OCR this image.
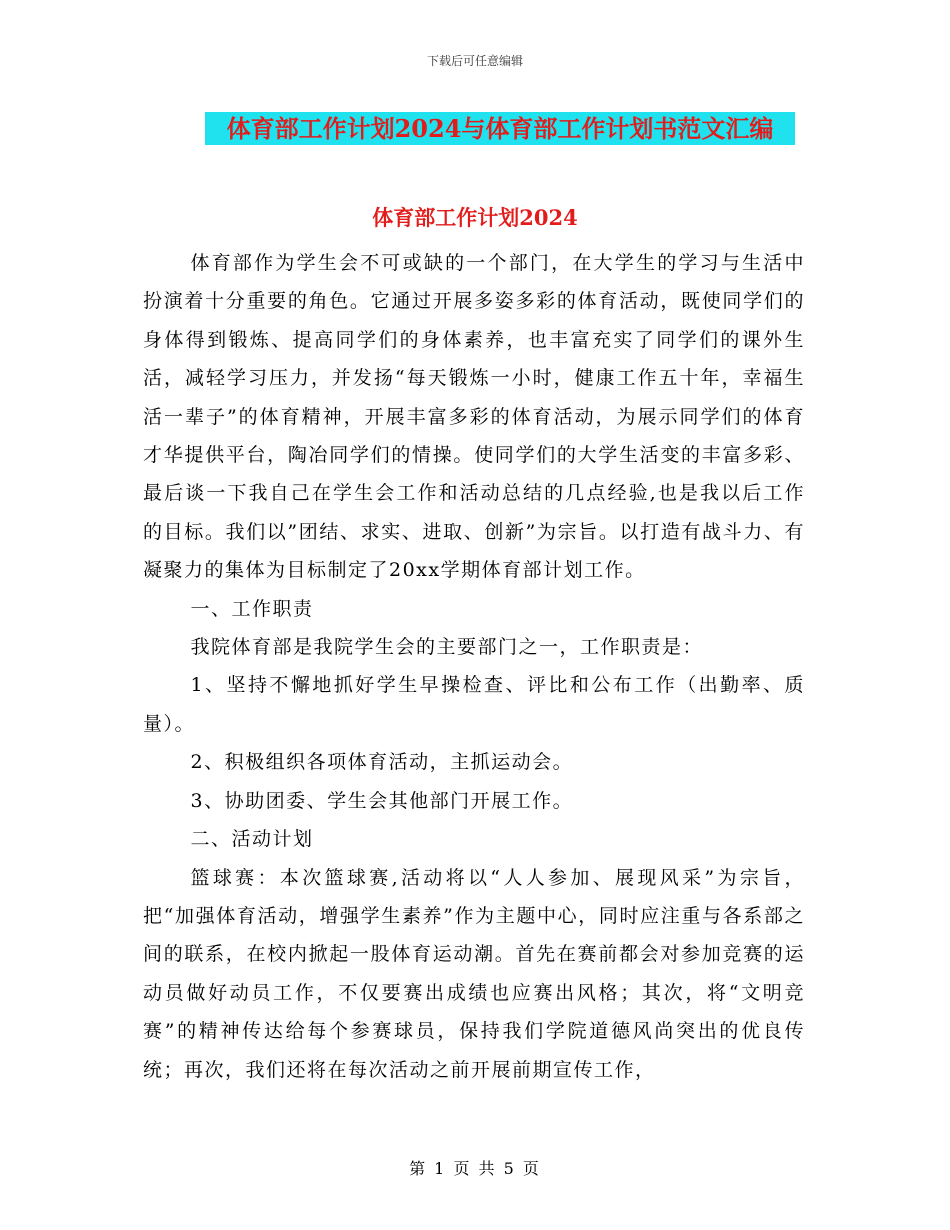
下载后可任意编辑
体育部工作计划2024与体育部工作计划书范文汇编
体育部工作计划2024

体育部作为学生会不可或缺的一个部门，在大学生的学习与生活中扮演着十分重要的角色。它通过开展多姿多彩的体育活动，既使同学们的身体得到锻炼、提高同学们的身体素养，也丰富充实了同学们的课外生活，减轻学习压力，并发扬“每天锻炼一小时，健康工作五十年，幸福生活一辈子”的体育精神，开展丰富多彩的体育活动，为展示同学们的体育才华提供平台，陶冶同学们的情操。使同学们的大学生活变的丰富多彩、最后谈一下我自己在学生会工作和活动总结的几点经验,也是我以后工作的目标。我们以”团结、求实、进取、创新”为宗旨。以打造有战斗力、有凝聚力的集体为目标制定了20xx学期体育部计划工作。

一、工作职责

我院体育部是我院学生会的主要部门之一，工作职责是：

1、坚持不懈地抓好学生早操检查、评比和公布工作（出勤率、质量）。

2、积极组织各项体育活动，主抓运动会。

3、协助团委、学生会其他部门开展工作。

二、活动计划

篮球赛：本次篮球赛,活动将以“人人参加、展现风采”为宗旨，把“加强体育活动，增强学生素养”作为主题中心，同时应注重与各系部之间的联系，在校内掀起一股体育运动潮。首先在赛前都会对参加竞赛的运动员做好动员工作，不仅要赛出成绩也应赛出风格；其次，将“文明竞赛”的精神传达给每个参赛球员，保持我们学院道德风尚突出的优良传统；再次，我们还将在每次活动之前开展前期宣传工作，

第 1 页 共 5 页
